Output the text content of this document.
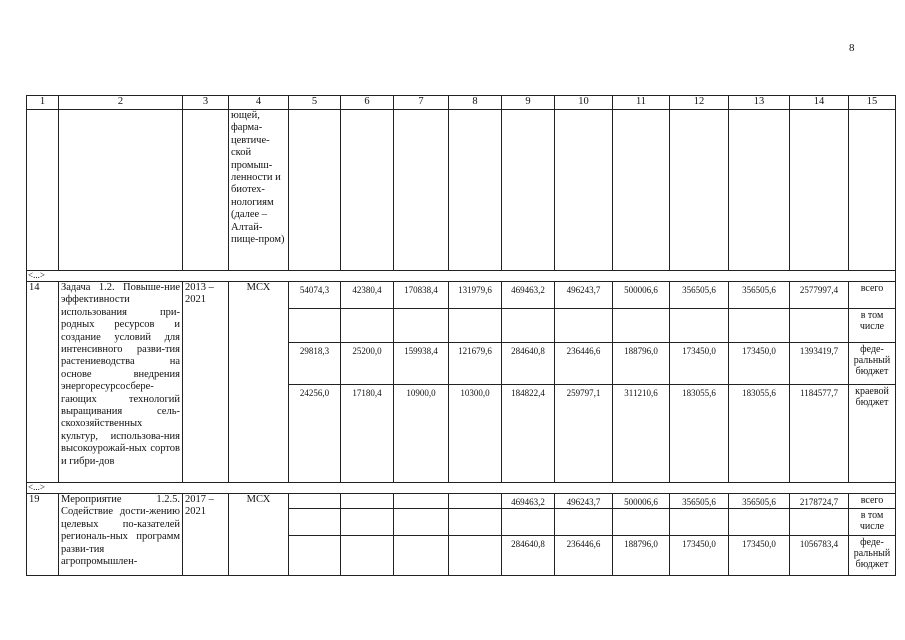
8
1	2	3	4	5	6	7	8	9	10	11	12	13	14	15
			ющей, фарма-цевтиче-ской промыш-ленности и биотех-нологиям (далее – Алтай-пище-пром)											
<...>														
14	Задача 1.2. Повыше-ние эффективности использования при-родных ресурсов и создание условий для интенсивного разви-тия растениеводства на основе внедрения энергоресурсосбере-гающих технологий выращивания сель-скохозяйственных культур, использова-ния высокоурожай-ных сортов и гибри-дов	2013 – 2021	МСХ	54074,3	42380,4	170838,4	131979,6	469463,2	496243,7	500006,6	356505,6	356505,6	2577997,4	всего
														в том числе
				29818,3	25200,0	159938,4	121679,6	284640,8	236446,6	188796,0	173450,0	173450,0	1393419,7	феде-ральный бюджет
				24256,0	17180,4	10900,0	10300,0	184822,4	259797,1	311210,6	183055,6	183055,6	1184577,7	краевой бюджет
<...>														
19	Мероприятие 1.2.5. Содействие дости-жению целевых по-казателей региональ-ных программ разви-тия агропромышлен-	2017 – 2021	МСХ					469463,2	496243,7	500006,6	356505,6	356505,6	2178724,7	всего
														в том числе
								284640,8	236446,6	188796,0	173450,0	173450,0	1056783,4	феде-ральный бюджет
